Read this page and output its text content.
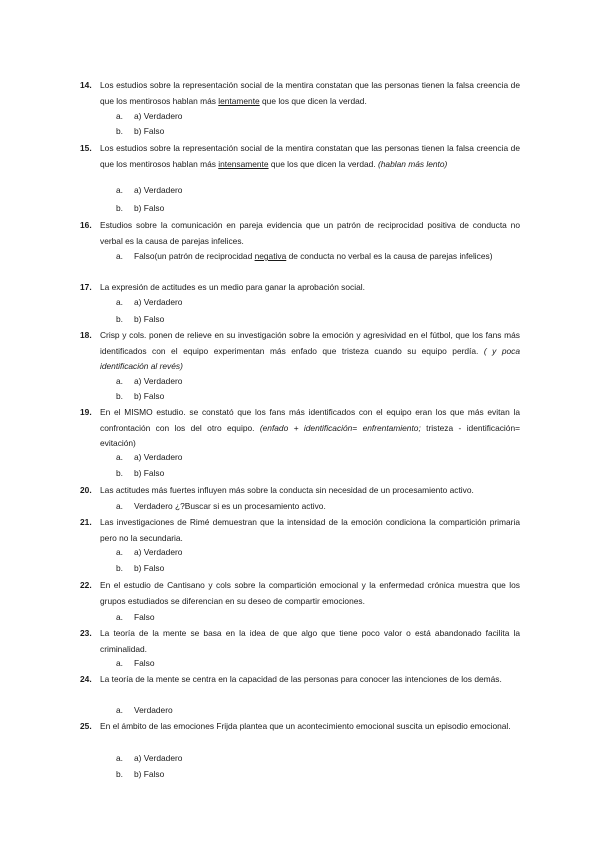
14. Los estudios sobre la representación social de la mentira constatan que las personas tienen la falsa creencia de que los mentirosos hablan más lentamente que los que dicen la verdad.
a.	a) Verdadero
b.	b) Falso
15. Los estudios sobre la representación social de la mentira constatan que las personas tienen la falsa creencia de que los mentirosos hablan más intensamente que los que dicen la verdad. (hablan más lento)
a.	a) Verdadero
b.	b) Falso
16. Estudios sobre la comunicación en pareja evidencia que un patrón de reciprocidad positiva de conducta no verbal es la causa de parejas infelices.
a.	Falso(un patrón de reciprocidad negativa de conducta no verbal es la causa de parejas infelices)
17. La expresión de actitudes es un medio para ganar la aprobación social.
a.	a) Verdadero
b.	b) Falso
18. Crisp y cols. ponen de relieve en su investigación sobre la emoción y agresividad en el fútbol, que los fans más identificados con el equipo experimentan más enfado que tristeza cuando su equipo perdía. ( y poca identificación al revés)
a.	a) Verdadero
b.	b) Falso
19. En el MISMO estudio. se constató que los fans más identificados con el equipo eran los que más evitan la confrontación con los del otro equipo. (enfado + identificación= enfrentamiento; tristeza - identificación= evitación)
a.	a) Verdadero
b.	b) Falso
20. Las actitudes más fuertes influyen más sobre la conducta sin necesidad de un procesamiento activo.
a.	Verdadero ¿?Buscar si es un procesamiento activo.
21. Las investigaciones de Rimé demuestran que la intensidad de la emoción condiciona la compartición primaria pero no la secundaria.
a.	a) Verdadero
b.	b) Falso
22. En el estudio de Cantisano y cols sobre la compartición emocional y la enfermedad crónica muestra que los grupos estudiados se diferencian en su deseo de compartir emociones.
a.	Falso
23. La teoría de la mente se basa en la idea de que algo que tiene poco valor o está abandonado facilita la criminalidad.
a.	Falso
24. La teoría de la mente se centra en la capacidad de las personas para conocer las intenciones de los demás.
a.	Verdadero
25. En el ámbito de las emociones Frijda plantea que un acontecimiento emocional suscita un episodio emocional.
a.	a) Verdadero
b.	b) Falso
